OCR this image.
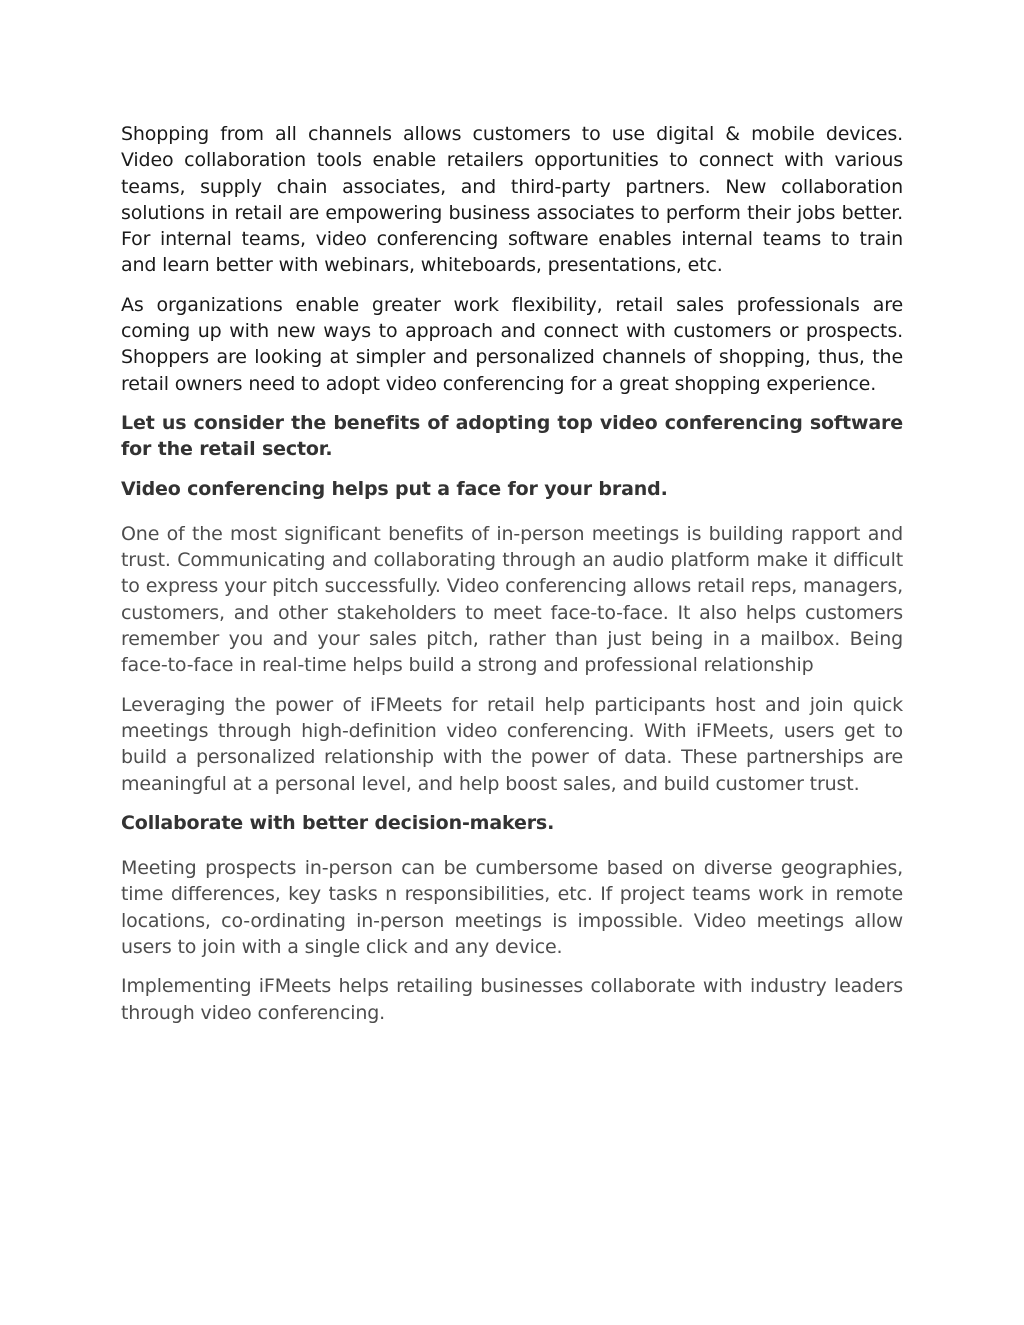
Shopping from all channels allows customers to use digital & mobile devices. Video collaboration tools enable retailers opportunities to connect with various teams, supply chain associates, and third-party partners. New collaboration solutions in retail are empowering business associates to perform their jobs better. For internal teams, video conferencing software enables internal teams to train and learn better with webinars, whiteboards, presentations, etc.

As organizations enable greater work flexibility, retail sales professionals are coming up with new ways to approach and connect with customers or prospects. Shoppers are looking at simpler and personalized channels of shopping, thus, the retail owners need to adopt video conferencing for a great shopping experience.

Let us consider the benefits of adopting top video conferencing software for the retail sector.

Video conferencing helps put a face for your brand.

One of the most significant benefits of in-person meetings is building rapport and trust. Communicating and collaborating through an audio platform make it difficult to express your pitch successfully. Video conferencing allows retail reps, managers, customers, and other stakeholders to meet face-to-face. It also helps customers remember you and your sales pitch, rather than just being in a mailbox. Being face-to-face in real-time helps build a strong and professional relationship

Leveraging the power of iFMeets for retail help participants host and join quick meetings through high-definition video conferencing. With iFMeets, users get to build a personalized relationship with the power of data. These partnerships are meaningful at a personal level, and help boost sales, and build customer trust.

Collaborate with better decision-makers.

Meeting prospects in-person can be cumbersome based on diverse geographies, time differences, key tasks n responsibilities, etc. If project teams work in remote locations, co-ordinating in-person meetings is impossible. Video meetings allow users to join with a single click and any device.

Implementing iFMeets helps retailing businesses collaborate with industry leaders through video conferencing.
